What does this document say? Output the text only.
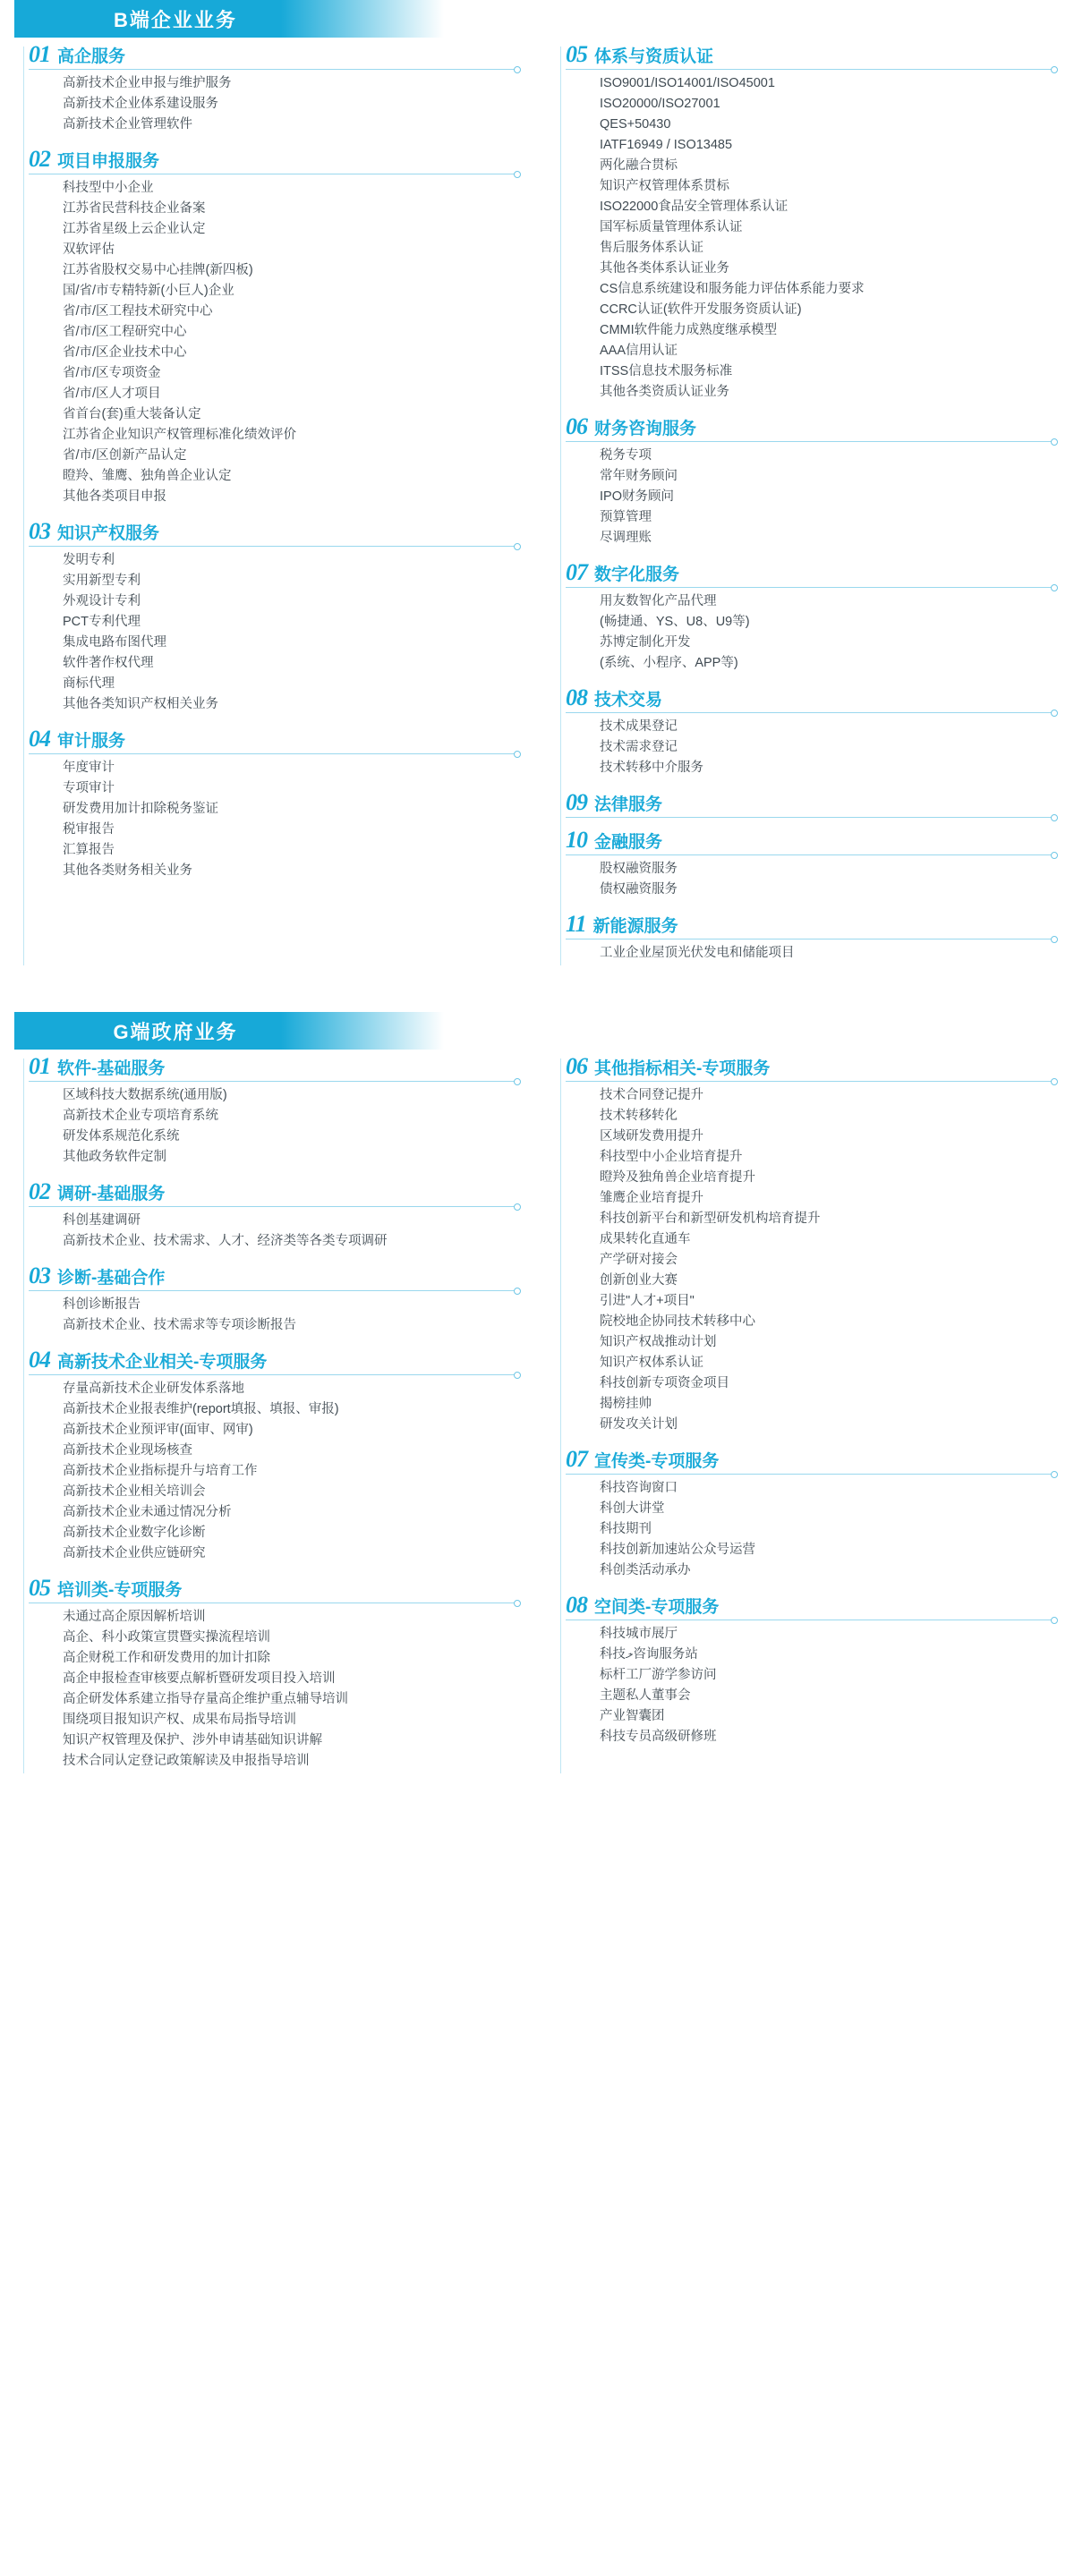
B端企业业务
01 高企服务
高新技术企业申报与维护服务
高新技术企业体系建设服务
高新技术企业管理软件
02 项目申报服务
科技型中小企业
江苏省民营科技企业备案
江苏省星级上云企业认定
双软评估
江苏省股权交易中心挂牌(新四板)
国/省/市专精特新(小巨人)企业
省/市/区工程技术研究中心
省/市/区工程研究中心
省/市/区企业技术中心
省/市/区专项资金
省/市/区人才项目
省首台(套)重大装备认定
江苏省企业知识产权管理标准化绩效评价
省/市/区创新产品认定
瞪羚、雏鹰、独角兽企业认定
其他各类项目申报
03 知识产权服务
发明专利
实用新型专利
外观设计专利
PCT专利代理
集成电路布图代理
软件著作权代理
商标代理
其他各类知识产权相关业务
04 审计服务
年度审计
专项审计
研发费用加计扣除税务鉴证
税审报告
汇算报告
其他各类财务相关业务
05 体系与资质认证
ISO9001/ISO14001/ISO45001
ISO20000/ISO27001
QES+50430
IATF16949 / ISO13485
两化融合贯标
知识产权管理体系贯标
ISO22000食品安全管理体系认证
国军标质量管理体系认证
售后服务体系认证
其他各类体系认证业务
CS信息系统建设和服务能力评估体系能力要求
CCRC认证(软件开发服务资质认证)
CMMI软件能力成熟度继承模型
AAA信用认证
ITSS信息技术服务标准
其他各类资质认证业务
06 财务咨询服务
税务专项
常年财务顾问
IPO财务顾问
预算管理
尽调理账
07 数字化服务
用友数智化产品代理
(畅捷通、YS、U8、U9等)
苏博定制化开发
(系统、小程序、APP等)
08 技术交易
技术成果登记
技术需求登记
技术转移中介服务
09 法律服务
10 金融服务
股权融资服务
债权融资服务
11 新能源服务
工业企业屋顶光伏发电和储能项目
G端政府业务
01 软件-基础服务
区域科技大数据系统(通用版)
高新技术企业专项培育系统
研发体系规范化系统
其他政务软件定制
02 调研-基础服务
科创基建调研
高新技术企业、技术需求、人才、经济类等各类专项调研
03 诊断-基础合作
科创诊断报告
高新技术企业、技术需求等专项诊断报告
04 高新技术企业相关-专项服务
存量高新技术企业研发体系落地
高新技术企业报表维护(report填报、填报、审报)
高新技术企业预评审(面审、网审)
高新技术企业现场核查
高新技术企业指标提升与培育工作
高新技术企业相关培训会
高新技术企业未通过情况分析
高新技术企业数字化诊断
高新技术企业供应链研究
05 培训类-专项服务
未通过高企原因解析培训
高企、科小政策宣贯暨实操流程培训
高企财税工作和研发费用的加计扣除
高企申报检查审核要点解析暨研发项目投入培训
高企研发体系建立指导存量高企维护重点辅导培训
围绕项目报知识产权、成果布局指导培训
知识产权管理及保护、涉外申请基础知识讲解
技术合同认定登记政策解读及申报指导培训
06 其他指标相关-专项服务
技术合同登记提升
技术转移转化
区域研发费用提升
科技型中小企业培育提升
瞪羚及独角兽企业培育提升
雏鹰企业培育提升
科技创新平台和新型研发机构培育提升
成果转化直通车
产学研对接会
创新创业大赛
引进"人才+项目"
院校地企协同技术转移中心
知识产权战推动计划
知识产权体系认证
科技创新专项资金项目
揭榜挂帅
研发攻关计划
07 宣传类-专项服务
科技咨询窗口
科创大讲堂
科技期刊
科技创新加速站公众号运营
科创类活动承办
08 空间类-专项服务
科技城市展厅
科技ލ咨询服务站
标杆工厂游学参访问
主题私人董事会
产业智囊团
科技专员高级研修班
